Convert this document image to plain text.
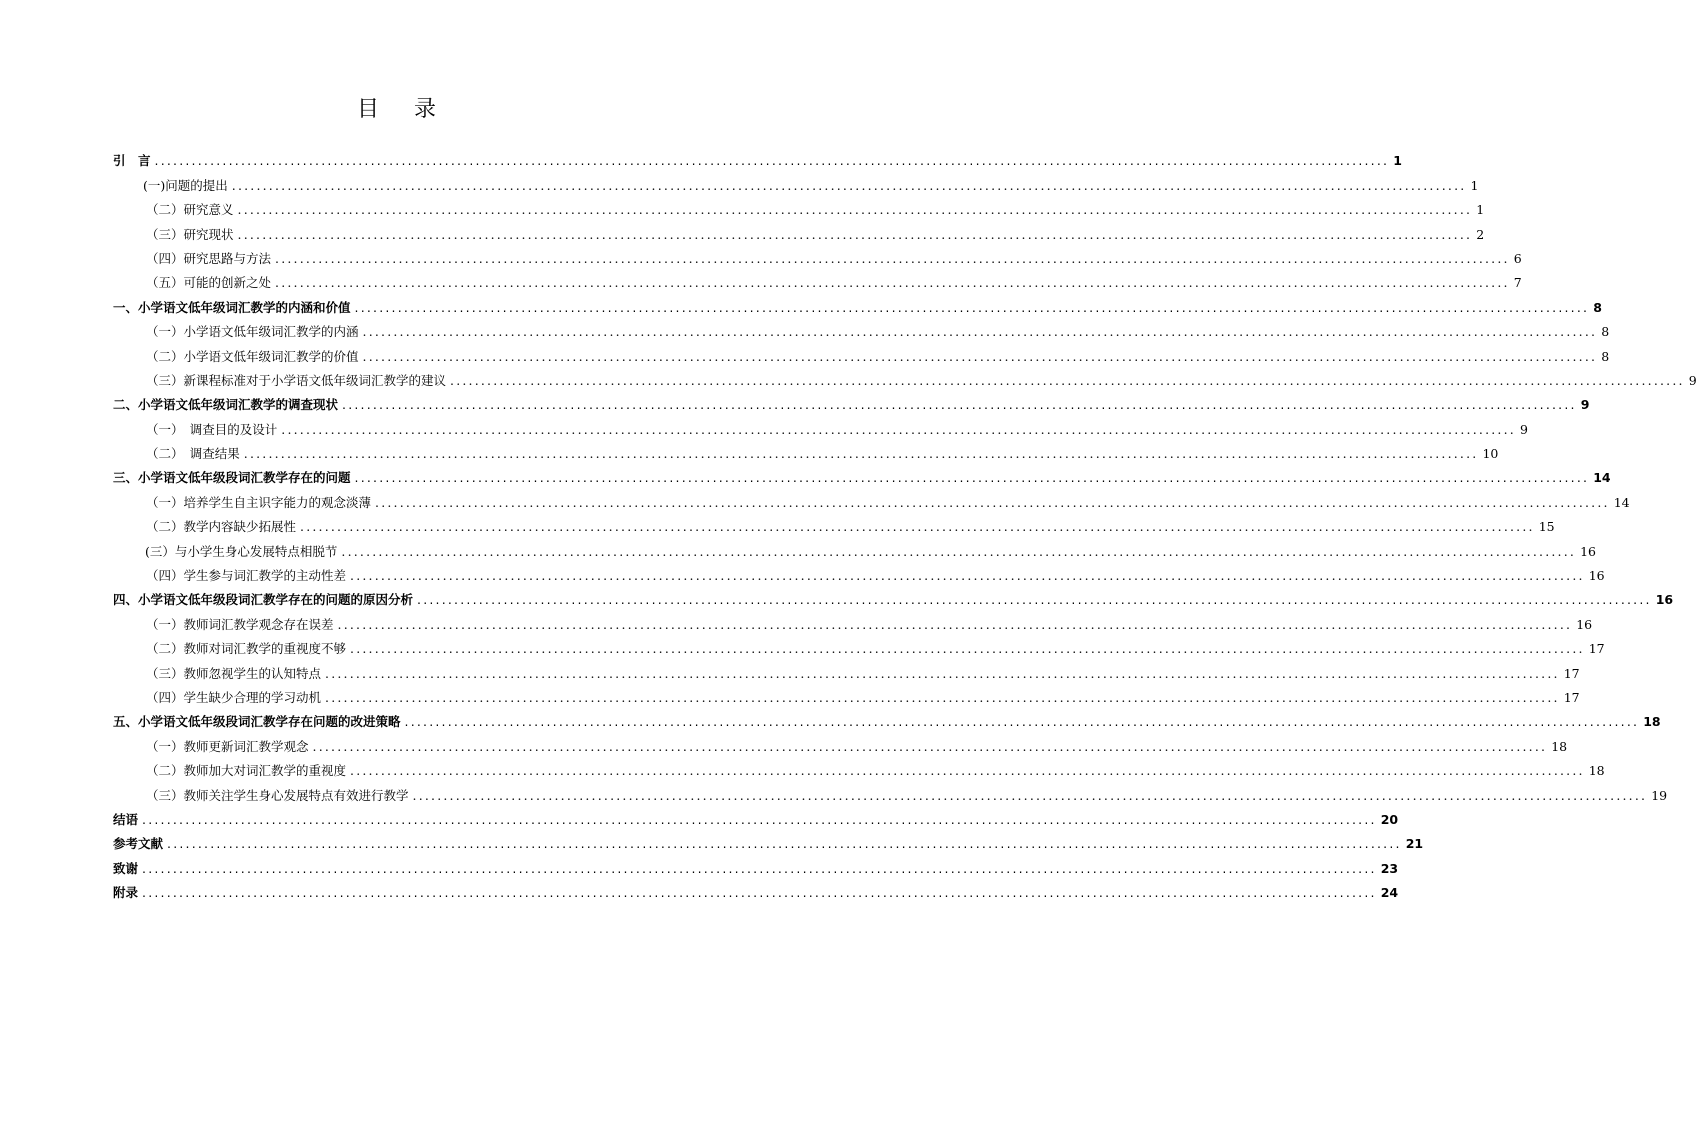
目 录
引　言 ........................................................................................................................................................................................................ 1
(一)问题的提出 ........................................................................................................................................................................................................ 1
（二）研究意义 ........................................................................................................................................................................................................ 1
（三）研究现状 ........................................................................................................................................................................................................ 2
（四）研究思路与方法 ........................................................................................................................................................................................................ 6
（五）可能的创新之处 ........................................................................................................................................................................................................ 7
一、小学语文低年级词汇教学的内涵和价值 ........................................................................................................................................................................................................ 8
（一）小学语文低年级词汇教学的内涵 ........................................................................................................................................................................................................ 8
（二）小学语文低年级词汇教学的价值 ........................................................................................................................................................................................................ 8
（三）新课程标准对于小学语文低年级词汇教学的建议 ........................................................................................................................................................................................................ 9
二、小学语文低年级词汇教学的调查现状 ........................................................................................................................................................................................................ 9
（一）　调查目的及设计 ........................................................................................................................................................................................................ 9
（二）　调查结果 ........................................................................................................................................................................................................ 10
三、小学语文低年级段词汇教学存在的问题 ........................................................................................................................................................................................................ 14
（一）培养学生自主识字能力的观念淡薄 ........................................................................................................................................................................................................ 14
（二）教学内容缺少拓展性 ........................................................................................................................................................................................................ 15
(三）与小学生身心发展特点相脱节 ........................................................................................................................................................................................................ 16
（四）学生参与词汇教学的主动性差 ........................................................................................................................................................................................................ 16
四、小学语文低年级段词汇教学存在的问题的原因分析 ........................................................................................................................................................................................................ 16
（一）教师词汇教学观念存在误差 ........................................................................................................................................................................................................ 16
（二）教师对词汇教学的重视度不够 ........................................................................................................................................................................................................ 17
（三）教师忽视学生的认知特点 ........................................................................................................................................................................................................ 17
（四）学生缺少合理的学习动机 ........................................................................................................................................................................................................ 17
五、小学语文低年级段词汇教学存在问题的改进策略 ........................................................................................................................................................................................................ 18
（一）教师更新词汇教学观念 ........................................................................................................................................................................................................ 18
（二）教师加大对词汇教学的重视度 ........................................................................................................................................................................................................ 18
（三）教师关注学生身心发展特点有效进行教学 ........................................................................................................................................................................................................ 19
结语 ........................................................................................................................................................................................................ 20
参考文献 ........................................................................................................................................................................................................ 21
致谢 ........................................................................................................................................................................................................ 23
附录 ........................................................................................................................................................................................................ 24
